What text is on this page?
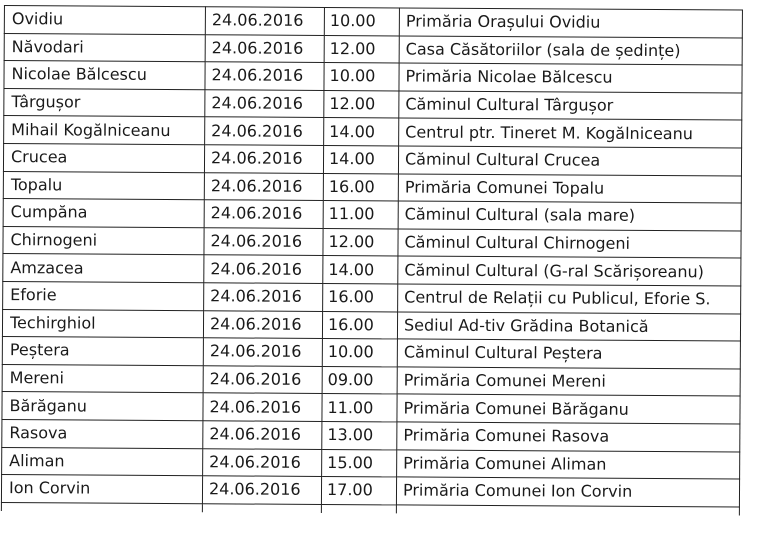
Ovidiu	24.06.2016	10.00	Primăria Orașului Ovidiu
Năvodari	24.06.2016	12.00	Casa Căsătoriilor (sala de ședințe)
Nicolae Bălcescu	24.06.2016	10.00	Primăria Nicolae Bălcescu
Târgușor	24.06.2016	12.00	Căminul Cultural Târgușor
Mihail Kogălniceanu	24.06.2016	14.00	Centrul ptr. Tineret M. Kogălniceanu
Crucea	24.06.2016	14.00	Căminul Cultural Crucea
Topalu	24.06.2016	16.00	Primăria Comunei Topalu
Cumpăna	24.06.2016	11.00	Căminul Cultural (sala mare)
Chirnogeni	24.06.2016	12.00	Căminul Cultural Chirnogeni
Amzacea	24.06.2016	14.00	Căminul Cultural (G-ral Scărișoreanu)
Eforie	24.06.2016	16.00	Centrul de Relații cu Publicul, Eforie S.
Techirghiol	24.06.2016	16.00	Sediul Ad-tiv Grădina Botanică
Peștera	24.06.2016	10.00	Căminul Cultural Peștera
Mereni	24.06.2016	09.00	Primăria Comunei Mereni
Bărăganu	24.06.2016	11.00	Primăria Comunei Bărăganu
Rasova	24.06.2016	13.00	Primăria Comunei Rasova
Aliman	24.06.2016	15.00	Primăria Comunei Aliman
Ion Corvin	24.06.2016	17.00	Primăria Comunei Ion Corvin
